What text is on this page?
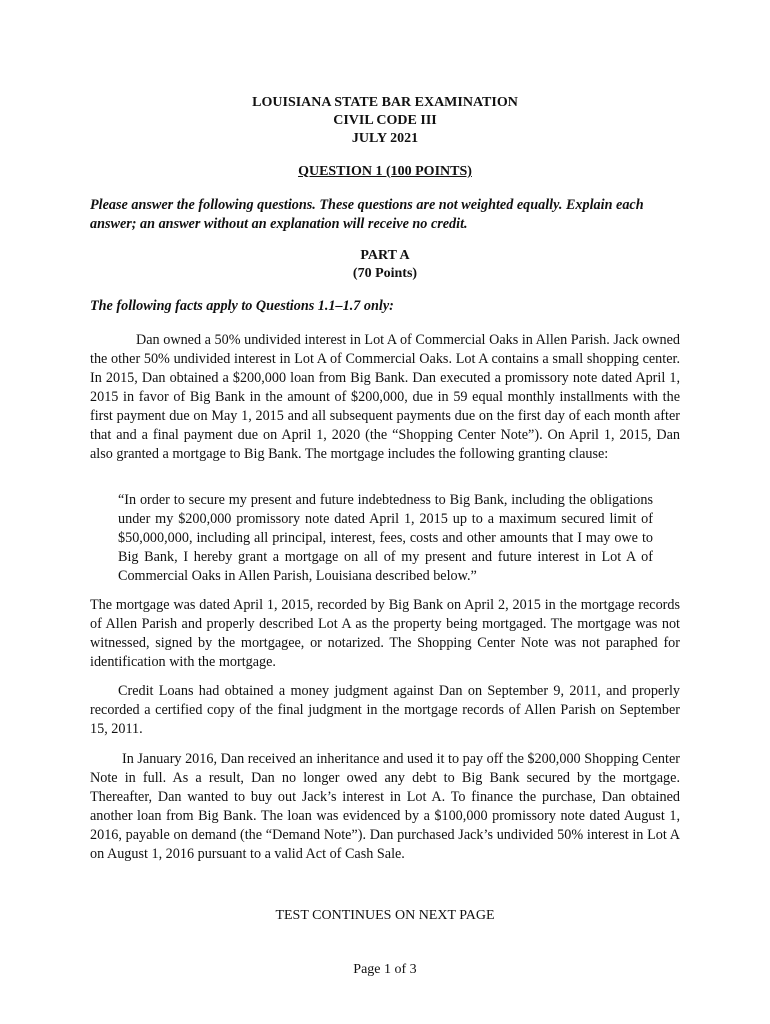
LOUISIANA STATE BAR EXAMINATION
CIVIL CODE III
JULY 2021
QUESTION 1 (100 POINTS)

Please answer the following questions. These questions are not weighted equally. Explain each answer; an answer without an explanation will receive no credit.

PART A
(70 Points)
The following facts apply to Questions 1.1–1.7 only:

Dan owned a 50% undivided interest in Lot A of Commercial Oaks in Allen Parish. Jack owned the other 50% undivided interest in Lot A of Commercial Oaks. Lot A contains a small shopping center. In 2015, Dan obtained a $200,000 loan from Big Bank. Dan executed a promissory note dated April 1, 2015 in favor of Big Bank in the amount of $200,000, due in 59 equal monthly installments with the first payment due on May 1, 2015 and all subsequent payments due on the first day of each month after that and a final payment due on April 1, 2020 (the “Shopping Center Note”). On April 1, 2015, Dan also granted a mortgage to Big Bank. The mortgage includes the following granting clause:

“In order to secure my present and future indebtedness to Big Bank, including the obligations under my $200,000 promissory note dated April 1, 2015 up to a maximum secured limit of $50,000,000, including all principal, interest, fees, costs and other amounts that I may owe to Big Bank, I hereby grant a mortgage on all of my present and future interest in Lot A of Commercial Oaks in Allen Parish, Louisiana described below.”

The mortgage was dated April 1, 2015, recorded by Big Bank on April 2, 2015 in the mortgage records of Allen Parish and properly described Lot A as the property being mortgaged. The mortgage was not witnessed, signed by the mortgagee, or notarized. The Shopping Center Note was not paraphed for identification with the mortgage.

Credit Loans had obtained a money judgment against Dan on September 9, 2011, and properly recorded a certified copy of the final judgment in the mortgage records of Allen Parish on September 15, 2011.

In January 2016, Dan received an inheritance and used it to pay off the $200,000 Shopping Center Note in full. As a result, Dan no longer owed any debt to Big Bank secured by the mortgage. Thereafter, Dan wanted to buy out Jack’s interest in Lot A. To finance the purchase, Dan obtained another loan from Big Bank. The loan was evidenced by a $100,000 promissory note dated August 1, 2016, payable on demand (the “Demand Note”). Dan purchased Jack’s undivided 50% interest in Lot A on August 1, 2016 pursuant to a valid Act of Cash Sale.

TEST CONTINUES ON NEXT PAGE
Page 1 of 3
